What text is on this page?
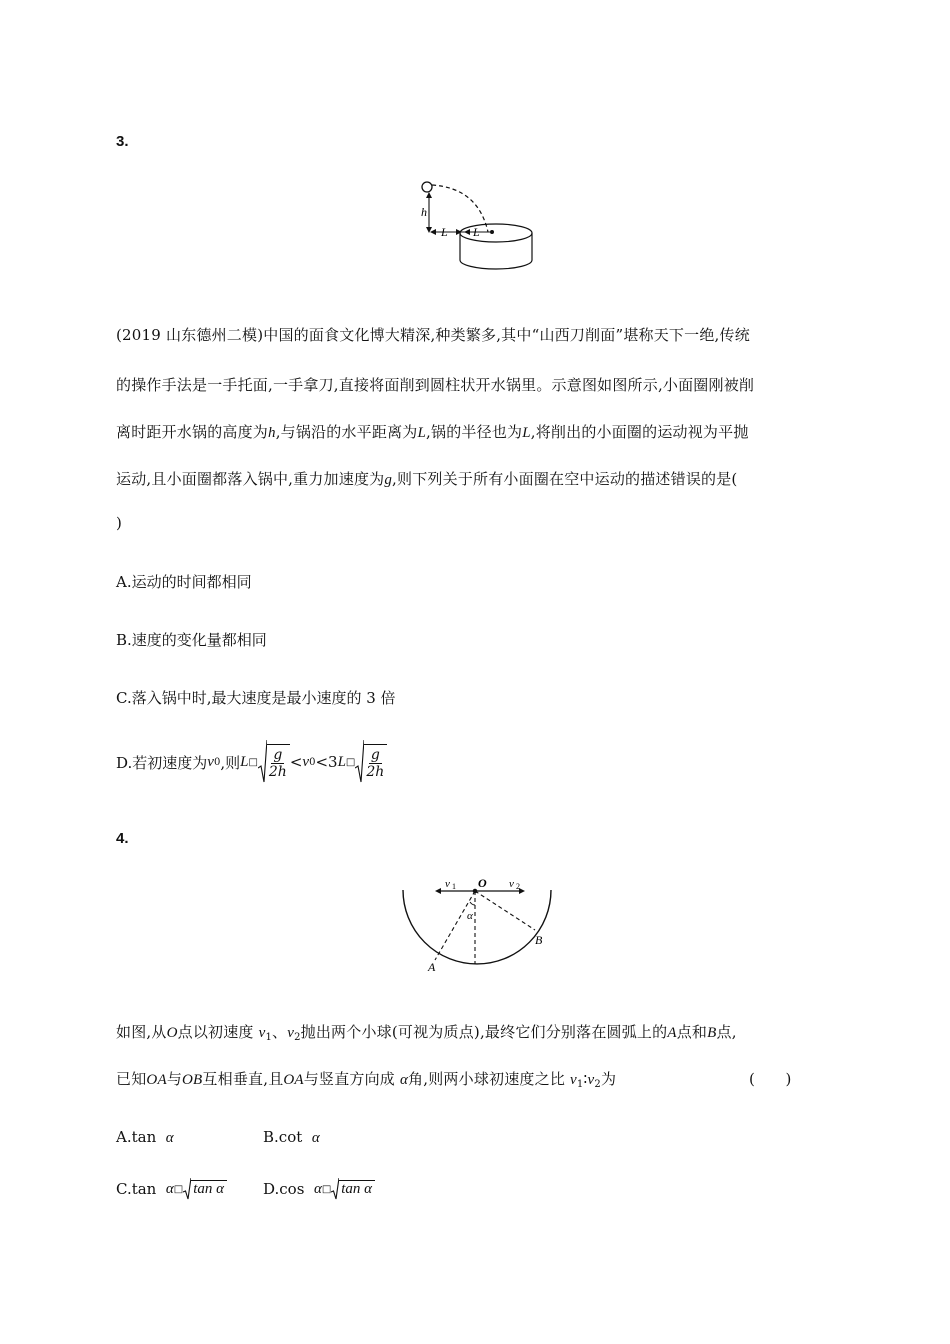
3.
h
L L
(2019 山东德州二模)中国的面食文化博大精深,种类繁多,其中“山西刀削面”堪称天下一绝,传统
的操作手法是一手托面,一手拿刀,直接将面削到圆柱状开水锅里。示意图如图所示,小面圈刚被削
离时距开水锅的高度为h,与锅沿的水平距离为L,锅的半径也为L,将削出的小面圈的运动视为平抛
运动,且小面圈都落入锅中,重力加速度为g,则下列关于所有小面圈在空中运动的描述错误的是(
)
A.运动的时间都相同
B.速度的变化量都相同
C.落入锅中时,最大速度是最小速度的 3 倍
D.若初速度为 v 0 ,则 L □ $\frac{g}{2h} < v$ 0 <3 L □ $\frac{g}{2h}$
4.
v 1 O v 2
α
A
B
如图,从O点以初速度 $v_1$、$v_2$抛出两个小球(可视为质点),最终它们分别落在圆弧上的A点和B点,
已知OA与OB互相垂直,且OA与竖直方向成 α角,则两小球初速度之比 $v_1∶v_2$为	(　　)
A.tan α	B.cot α
C.tan
α □ tan α	D.cos
α □ tan α
